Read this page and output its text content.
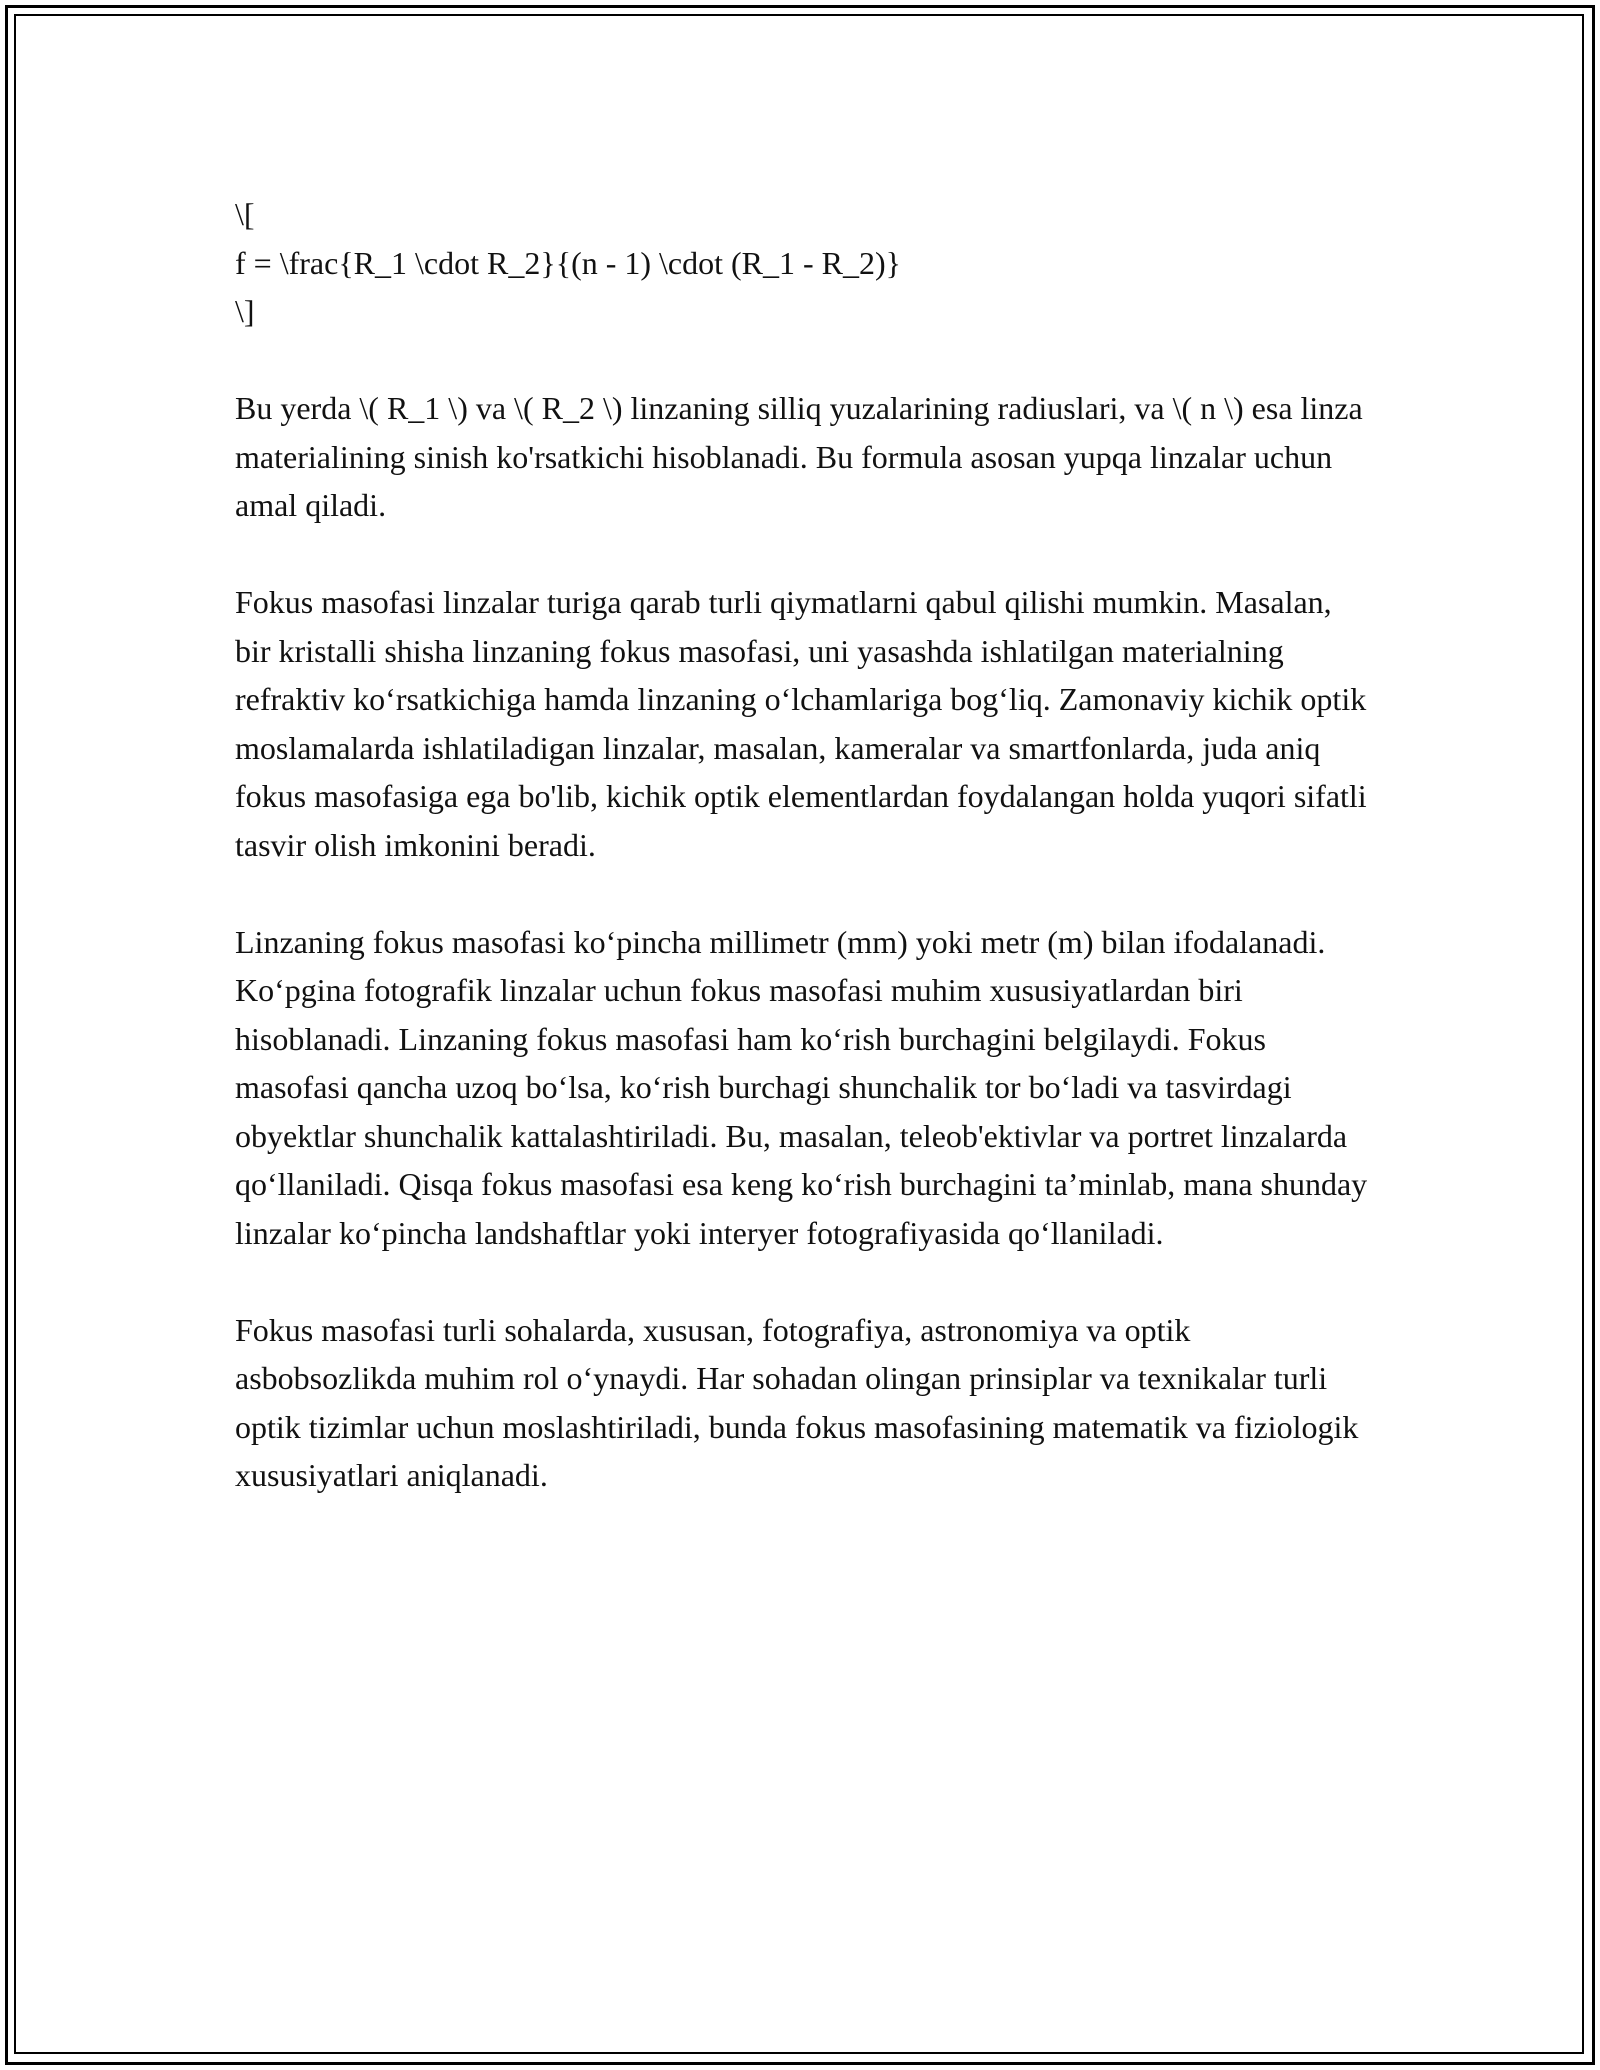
\[
f = \frac{R_1 \cdot R_2}{(n - 1) \cdot (R_1 - R_2)}
\]

Bu yerda \( R_1 \) va \( R_2 \) linzaning silliq yuzalarining radiuslari, va \( n \) esa linza materialining sinish ko'rsatkichi hisoblanadi. Bu formula asosan yupqa linzalar uchun amal qiladi.

Fokus masofasi linzalar turiga qarab turli qiymatlarni qabul qilishi mumkin. Masalan, bir kristalli shisha linzaning fokus masofasi, uni yasashda ishlatilgan materialning refraktiv ko‘rsatkichiga hamda linzaning o‘lchamlariga bog‘liq. Zamonaviy kichik optik moslamalarda ishlatiladigan linzalar, masalan, kameralar va smartfonlarda, juda aniq fokus masofasiga ega bo'lib, kichik optik elementlardan foydalangan holda yuqori sifatli tasvir olish imkonini beradi.

Linzaning fokus masofasi ko‘pincha millimetr (mm) yoki metr (m) bilan ifodalanadi. Ko‘pgina fotografik linzalar uchun fokus masofasi muhim xususiyatlardan biri hisoblanadi. Linzaning fokus masofasi ham ko‘rish burchagini belgilaydi. Fokus masofasi qancha uzoq bo‘lsa, ko‘rish burchagi shunchalik tor bo‘ladi va tasvirdagi obyektlar shunchalik kattalashtiriladi. Bu, masalan, teleob'ektivlar va portret linzalarda qo‘llaniladi. Qisqa fokus masofasi esa keng ko‘rish burchagini ta’minlab, mana shunday linzalar ko‘pincha landshaftlar yoki interyer fotografiyasida qo‘llaniladi.

Fokus masofasi turli sohalarda, xususan, fotografiya, astronomiya va optik asbobsozlikda muhim rol o‘ynaydi. Har sohadan olingan prinsiplar va texnikalar turli optik tizimlar uchun moslashtiriladi, bunda fokus masofasining matematik va fiziologik xususiyatlari aniqlanadi.
